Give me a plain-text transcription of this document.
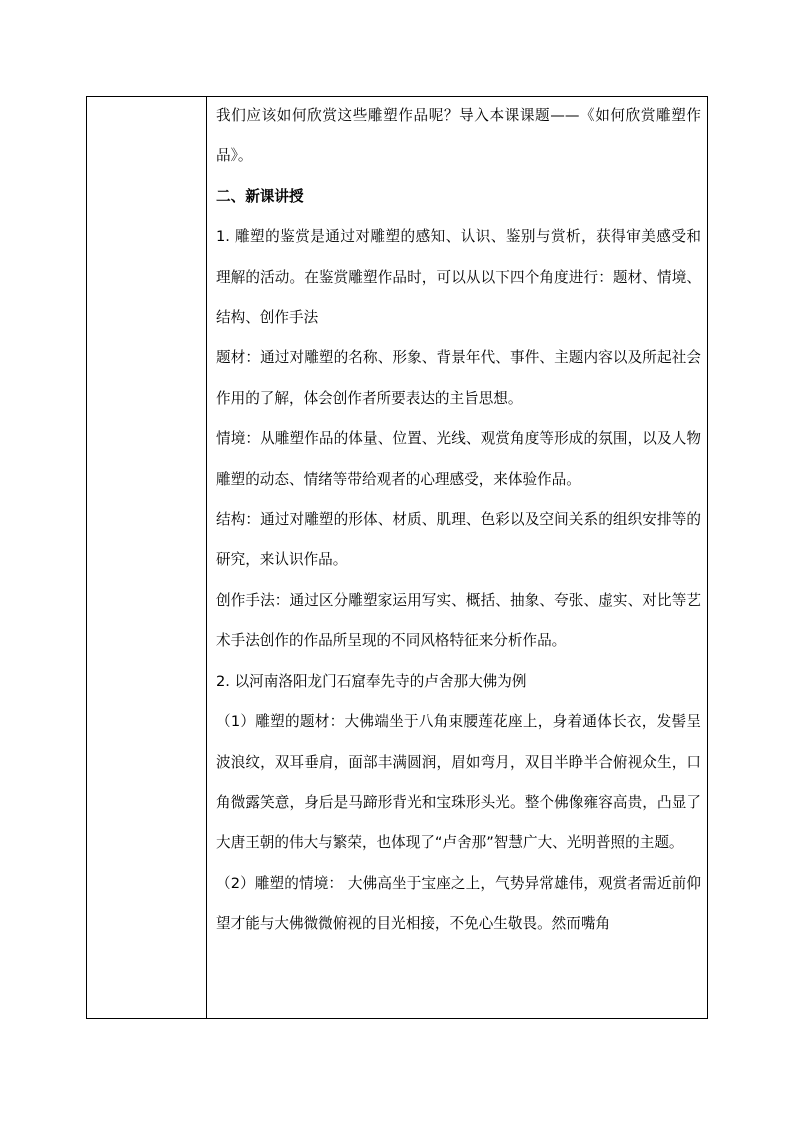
我们应该如何欣赏这些雕塑作品呢？导入本课课题——《如何欣赏雕塑作品》。

二、新课讲授

1. 雕塑的鉴赏是通过对雕塑的感知、认识、鉴别与赏析，获得审美感受和理解的活动。在鉴赏雕塑作品时，可以从以下四个角度进行：题材、情境、结构、创作手法

题材：通过对雕塑的名称、形象、背景年代、事件、主题内容以及所起社会作用的了解，体会创作者所要表达的主旨思想。

情境：从雕塑作品的体量、位置、光线、观赏角度等形成的氛围，以及人物雕塑的动态、情绪等带给观者的心理感受，来体验作品。

结构：通过对雕塑的形体、材质、肌理、色彩以及空间关系的组织安排等的研究，来认识作品。

创作手法：通过区分雕塑家运用写实、概括、抽象、夸张、虚实、对比等艺术手法创作的作品所呈现的不同风格特征来分析作品。

2. 以河南洛阳龙门石窟奉先寺的卢舍那大佛为例

（1）雕塑的题材：大佛端坐于八角束腰莲花座上，身着通体长衣，发髻呈波浪纹，双耳垂肩，面部丰满圆润，眉如弯月，双目半睁半合俯视众生，口角微露笑意，身后是马蹄形背光和宝珠形头光。整个佛像雍容高贵，凸显了大唐王朝的伟大与繁荣，也体现了“卢舍那”智慧广大、光明普照的主题。

（2）雕塑的情境： 大佛高坐于宝座之上，气势异常雄伟，观赏者需近前仰望才能与大佛微微俯视的目光相接，不免心生敬畏。然而嘴角
